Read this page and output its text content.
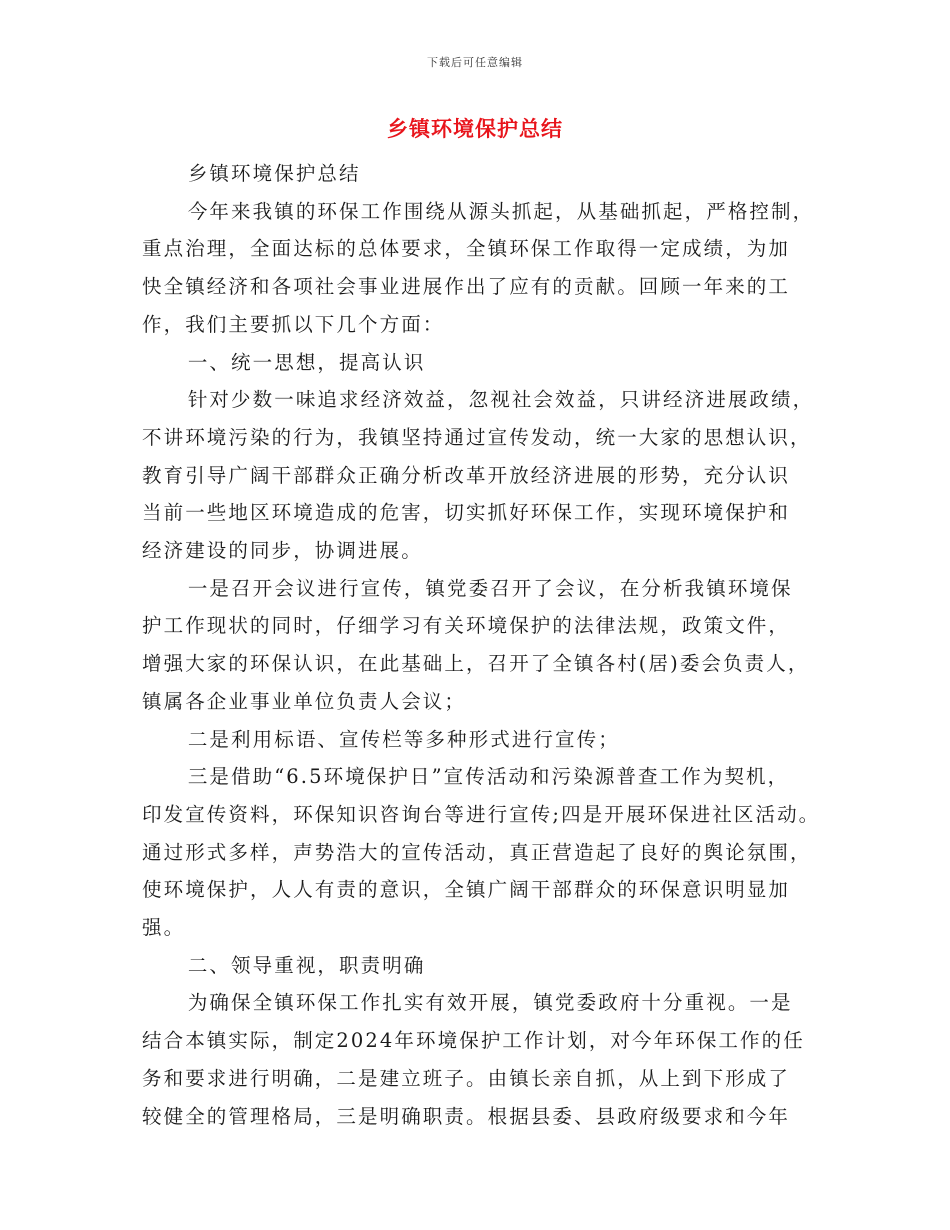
下载后可任意编辑
乡镇环境保护总结

乡镇环境保护总结

今年来我镇的环保工作围绕从源头抓起，从基础抓起，严格控制，
重点治理，全面达标的总体要求，全镇环保工作取得一定成绩，为加
快全镇经济和各项社会事业进展作出了应有的贡献。回顾一年来的工
作，我们主要抓以下几个方面：

一、统一思想，提高认识

针对少数一味追求经济效益，忽视社会效益，只讲经济进展政绩，
不讲环境污染的行为，我镇坚持通过宣传发动，统一大家的思想认识，
教育引导广阔干部群众正确分析改革开放经济进展的形势，充分认识
当前一些地区环境造成的危害，切实抓好环保工作，实现环境保护和
经济建设的同步，协调进展。

一是召开会议进行宣传，镇党委召开了会议，在分析我镇环境保
护工作现状的同时，仔细学习有关环境保护的法律法规，政策文件，
增强大家的环保认识，在此基础上，召开了全镇各村(居)委会负责人，
镇属各企业事业单位负责人会议；

二是利用标语、宣传栏等多种形式进行宣传；

三是借助“6.5环境保护日”宣传活动和污染源普查工作为契机，
印发宣传资料，环保知识咨询台等进行宣传;四是开展环保进社区活动。
通过形式多样，声势浩大的宣传活动，真正营造起了良好的舆论氛围，
使环境保护，人人有责的意识，全镇广阔干部群众的环保意识明显加
强。

二、领导重视，职责明确

为确保全镇环保工作扎实有效开展，镇党委政府十分重视。一是
结合本镇实际，制定2024年环境保护工作计划，对今年环保工作的任
务和要求进行明确，二是建立班子。由镇长亲自抓，从上到下形成了
较健全的管理格局，三是明确职责。根据县委、县政府级要求和今年
